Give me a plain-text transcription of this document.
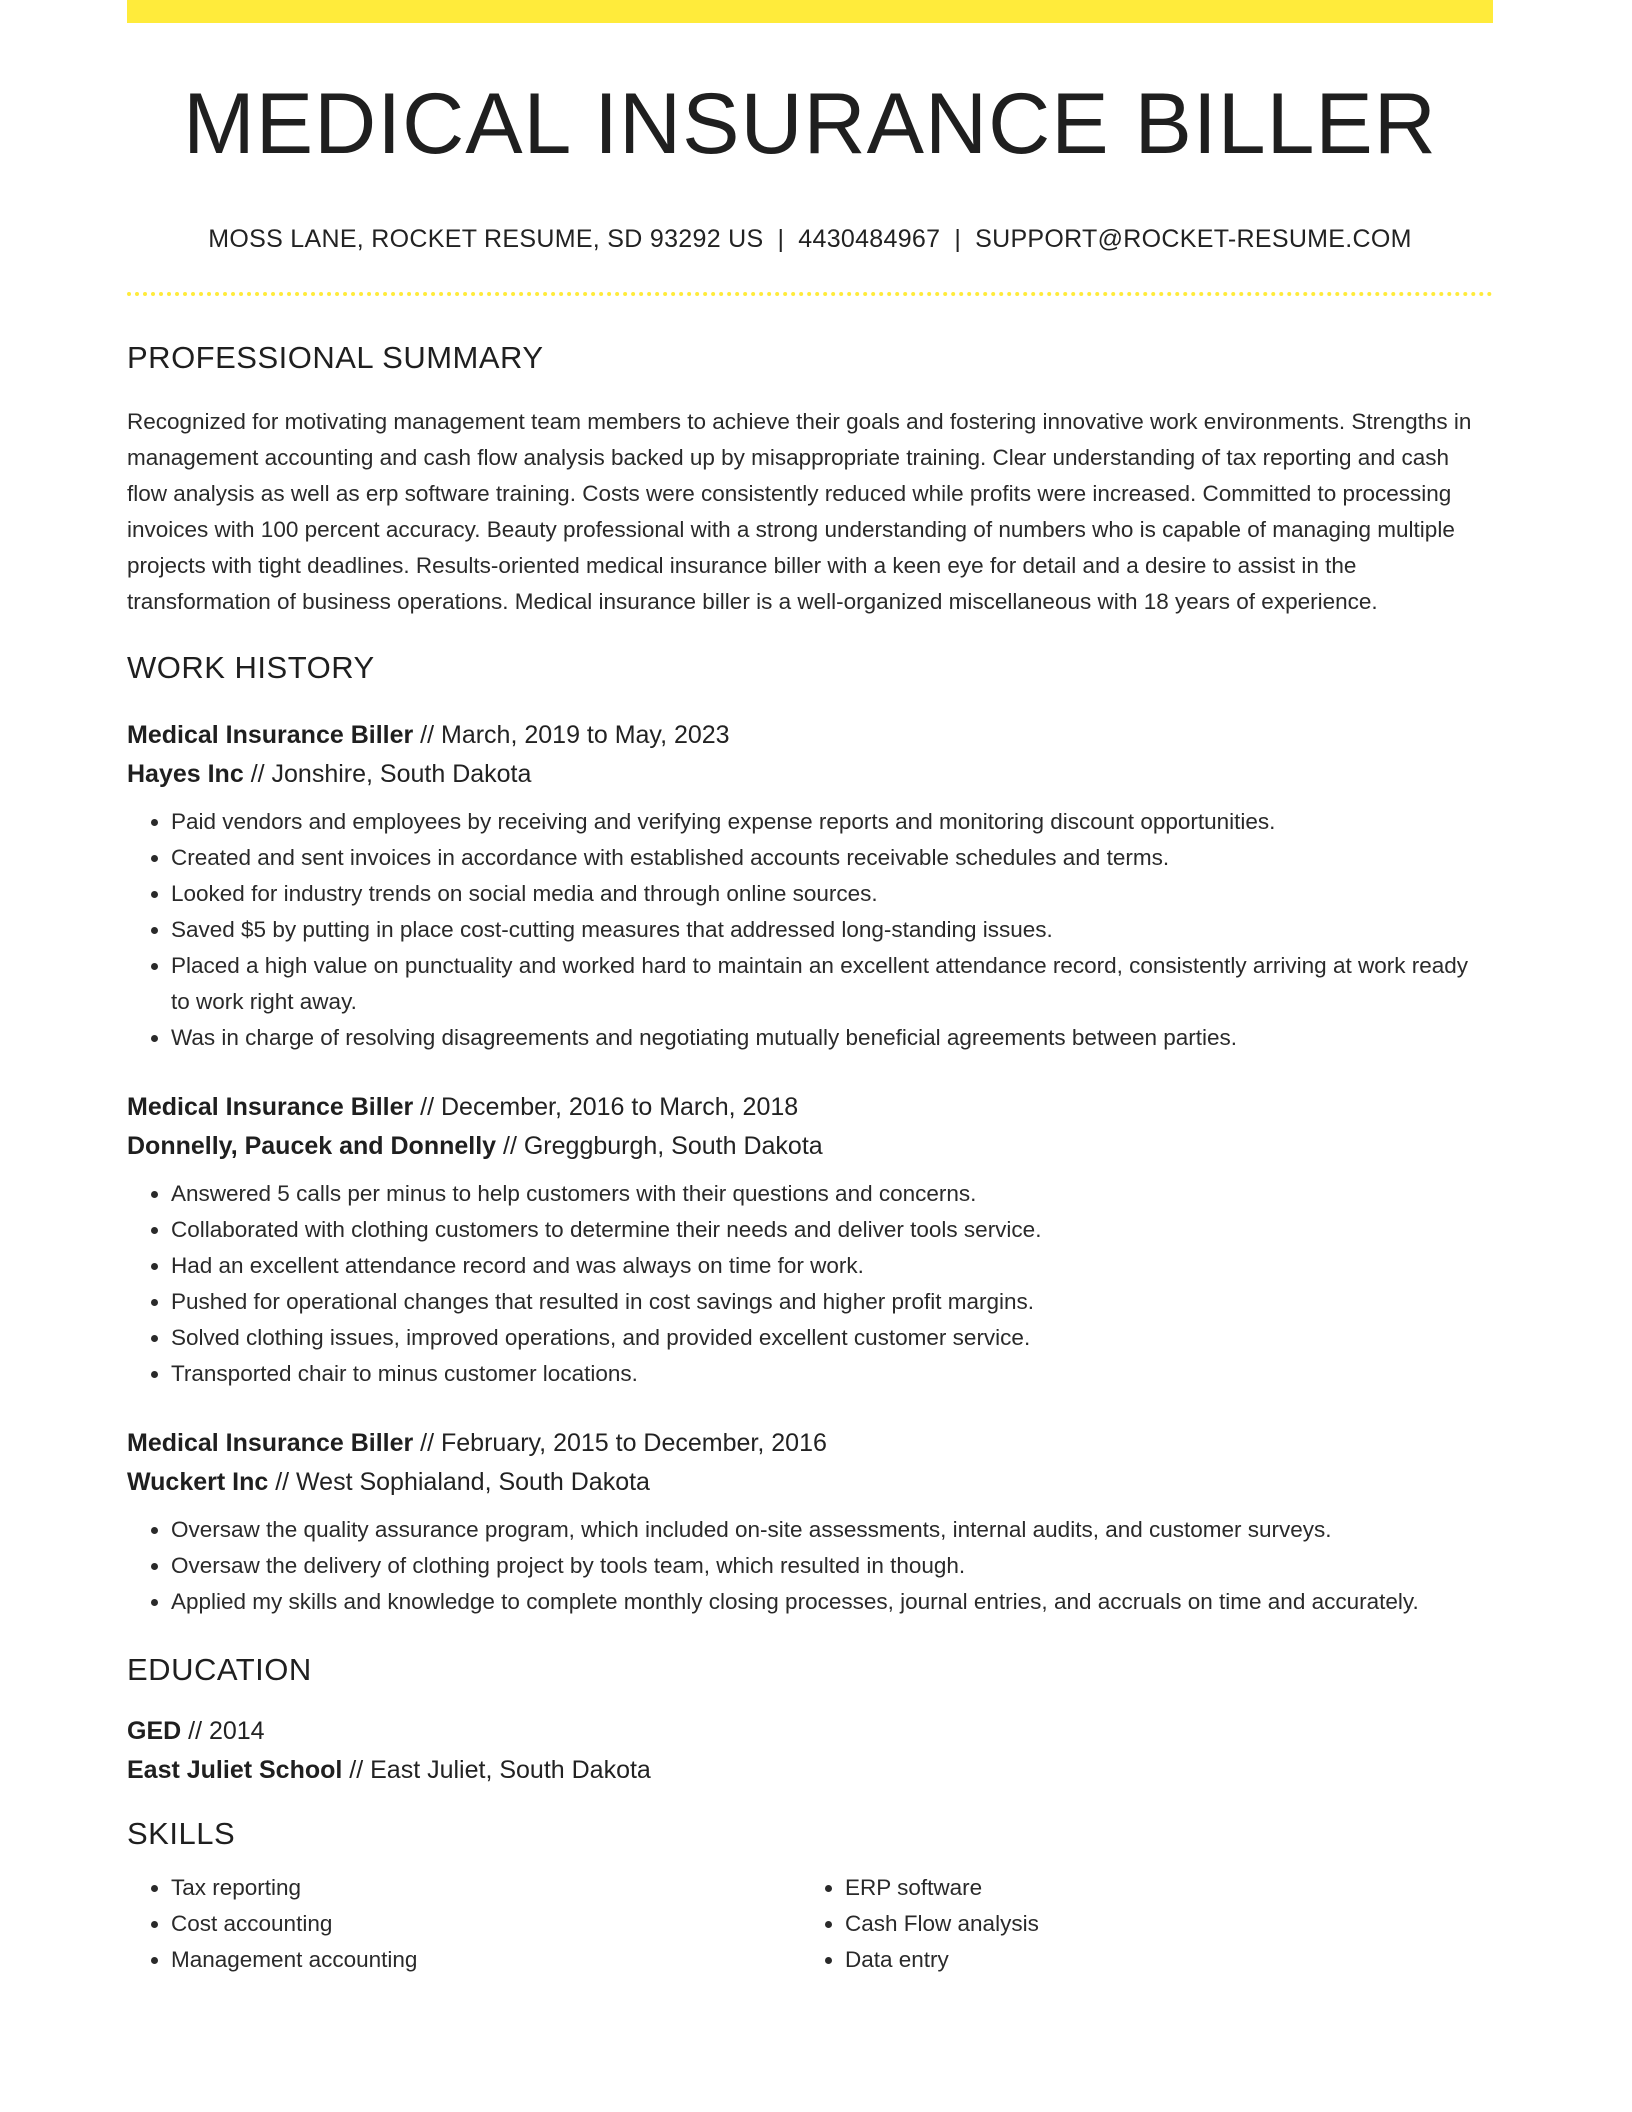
MEDICAL INSURANCE BILLER
MOSS LANE, ROCKET RESUME, SD 93292 US | 4430484967 | SUPPORT@ROCKET-RESUME.COM
PROFESSIONAL SUMMARY

Recognized for motivating management team members to achieve their goals and fostering innovative work environments. Strengths in management accounting and cash flow analysis backed up by misappropriate training. Clear understanding of tax reporting and cash flow analysis as well as erp software training. Costs were consistently reduced while profits were increased. Committed to processing invoices with 100 percent accuracy. Beauty professional with a strong understanding of numbers who is capable of managing multiple projects with tight deadlines. Results-oriented medical insurance biller with a keen eye for detail and a desire to assist in the transformation of business operations. Medical insurance biller is a well-organized miscellaneous with 18 years of experience.

WORK HISTORY
Medical Insurance Biller // March, 2019 to May, 2023
Hayes Inc // Jonshire, South Dakota
• Paid vendors and employees by receiving and verifying expense reports and monitoring discount opportunities.
• Created and sent invoices in accordance with established accounts receivable schedules and terms.
• Looked for industry trends on social media and through online sources.
• Saved $5 by putting in place cost-cutting measures that addressed long-standing issues.
• Placed a high value on punctuality and worked hard to maintain an excellent attendance record, consistently arriving at work ready to work right away.
• Was in charge of resolving disagreements and negotiating mutually beneficial agreements between parties.
Medical Insurance Biller // December, 2016 to March, 2018
Donnelly, Paucek and Donnelly // Greggburgh, South Dakota
• Answered 5 calls per minus to help customers with their questions and concerns.
• Collaborated with clothing customers to determine their needs and deliver tools service.
• Had an excellent attendance record and was always on time for work.
• Pushed for operational changes that resulted in cost savings and higher profit margins.
• Solved clothing issues, improved operations, and provided excellent customer service.
• Transported chair to minus customer locations.
Medical Insurance Biller // February, 2015 to December, 2016
Wuckert Inc // West Sophialand, South Dakota
• Oversaw the quality assurance program, which included on-site assessments, internal audits, and customer surveys.
• Oversaw the delivery of clothing project by tools team, which resulted in though.
• Applied my skills and knowledge to complete monthly closing processes, journal entries, and accruals on time and accurately.
EDUCATION
GED // 2014
East Juliet School // East Juliet, South Dakota
SKILLS
• Tax reporting
• Cost accounting
• Management accounting
• ERP software
• Cash Flow analysis
• Data entry
